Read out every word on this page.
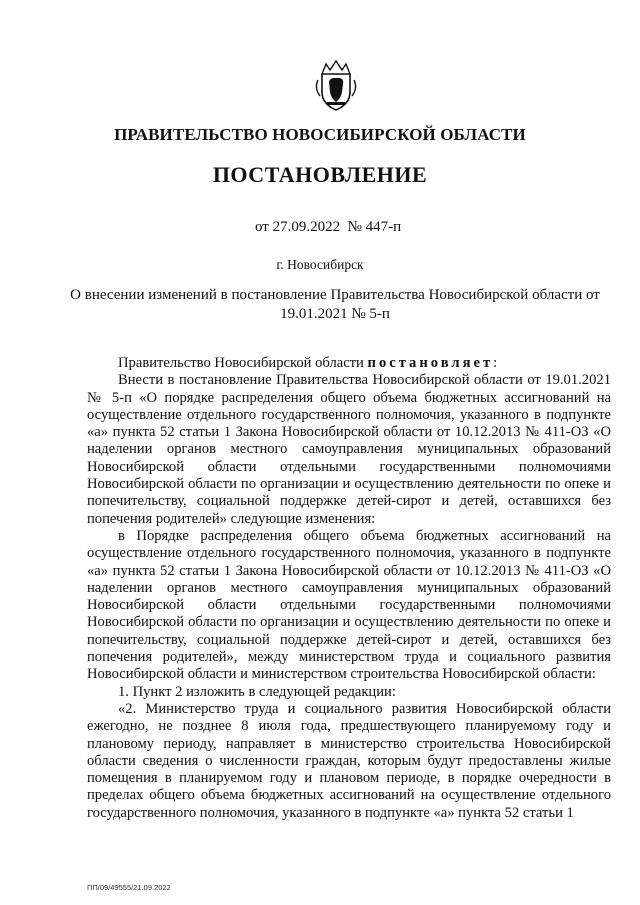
ПРАВИТЕЛЬСТВО НОВОСИБИРСКОЙ ОБЛАСТИ
ПОСТАНОВЛЕНИЕ
от 27.09.2022 № 447-п
г. Новосибирск
О внесении изменений в постановление Правительства Новосибирской области от 19.01.2021 № 5-п

Правительство Новосибирской области постановляет:

Внести в постановление Правительства Новосибирской области от 19.01.2021 № 5-п «О порядке распределения общего объема бюджетных ассигнований на осуществление отдельного государственного полномочия, указанного в подпункте «а» пункта 52 статьи 1 Закона Новосибирской области от 10.12.2013 № 411-ОЗ «О наделении органов местного самоуправления муниципальных образований Новосибирской области отдельными государственными полномочиями Новосибирской области по организации и осуществлению деятельности по опеке и попечительству, социальной поддержке детей-сирот и детей, оставшихся без попечения родителей» следующие изменения:

в Порядке распределения общего объема бюджетных ассигнований на осуществление отдельного государственного полномочия, указанного в подпункте «а» пункта 52 статьи 1 Закона Новосибирской области от 10.12.2013 № 411-ОЗ «О наделении органов местного самоуправления муниципальных образований Новосибирской области отдельными государственными полномочиями Новосибирской области по организации и осуществлению деятельности по опеке и попечительству, социальной поддержке детей-сирот и детей, оставшихся без попечения родителей», между министерством труда и социального развития Новосибирской области и министерством строительства Новосибирской области:

1. Пункт 2 изложить в следующей редакции:

«2. Министерство труда и социального развития Новосибирской области ежегодно, не позднее 8 июля года, предшествующего планируемому году и плановому периоду, направляет в министерство строительства Новосибирской области сведения о численности граждан, которым будут предоставлены жилые помещения в планируемом году и плановом периоде, в порядке очередности в пределах общего объема бюджетных ассигнований на осуществление отдельного государственного полномочия, указанного в подпункте «а» пункта 52 статьи 1

ПП/09/49555/21.09.2022
